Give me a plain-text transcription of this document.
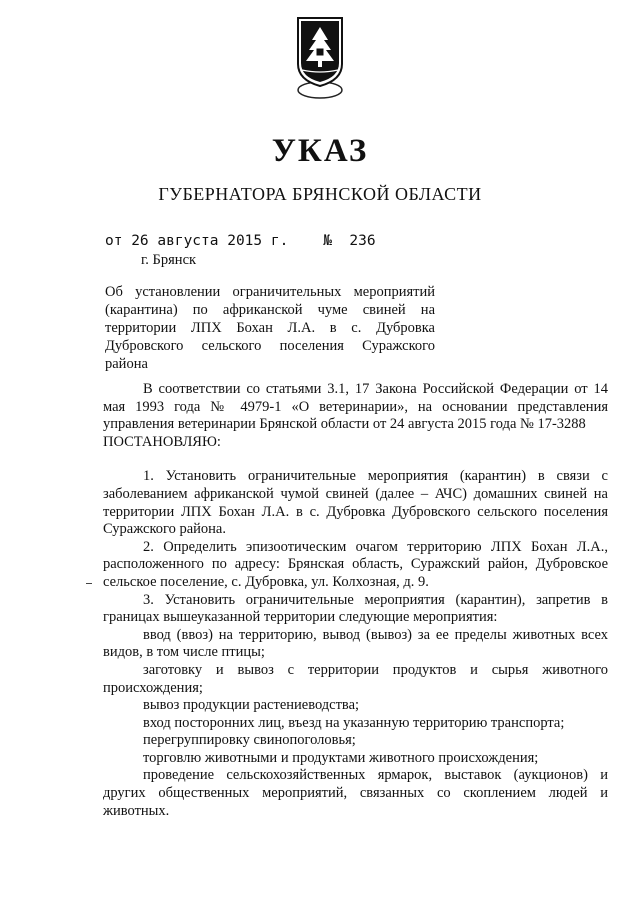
УКАЗ
ГУБЕРНАТОРА БРЯНСКОЙ ОБЛАСТИ
от 26 августа 2015 г.    №  236
г. Брянск
Об установлении ограничительных мероприятий (карантина) по африканской чуме свиней на территории ЛПХ Бохан Л.А. в с. Дубровка Дубровского сельского поселения Суражского района

В соответствии со статьями 3.1, 17 Закона Российской Федерации от 14 мая 1993 года № 4979-1 «О ветеринарии», на основании представления управления ветеринарии Брянской области от 24 августа 2015 года № 17-3288

ПОСТАНОВЛЯЮ:

1. Установить ограничительные мероприятия (карантин) в связи с заболеванием африканской чумой свиней (далее – АЧС) домашних свиней на территории ЛПХ Бохан Л.А. в с. Дубровка Дубровского сельского поселения Суражского района.

2. Определить эпизоотическим очагом территорию ЛПХ Бохан Л.А., расположенного по адресу: Брянская область, Суражский район, Дубровское сельское поселение, с. Дубровка, ул. Колхозная, д. 9.

3. Установить ограничительные мероприятия (карантин), запретив в границах вышеуказанной территории следующие мероприятия:

ввод (ввоз) на территорию, вывод (вывоз) за ее пределы животных всех видов, в том числе птицы;

заготовку и вывоз с территории продуктов и сырья животного происхождения;

вывоз продукции растениеводства;

вход посторонних лиц, въезд на указанную территорию транспорта;

перегруппировку свинопоголовья;

торговлю животными и продуктами животного происхождения;

проведение сельскохозяйственных ярмарок, выставок (аукционов) и других общественных мероприятий, связанных со скоплением людей и животных.
